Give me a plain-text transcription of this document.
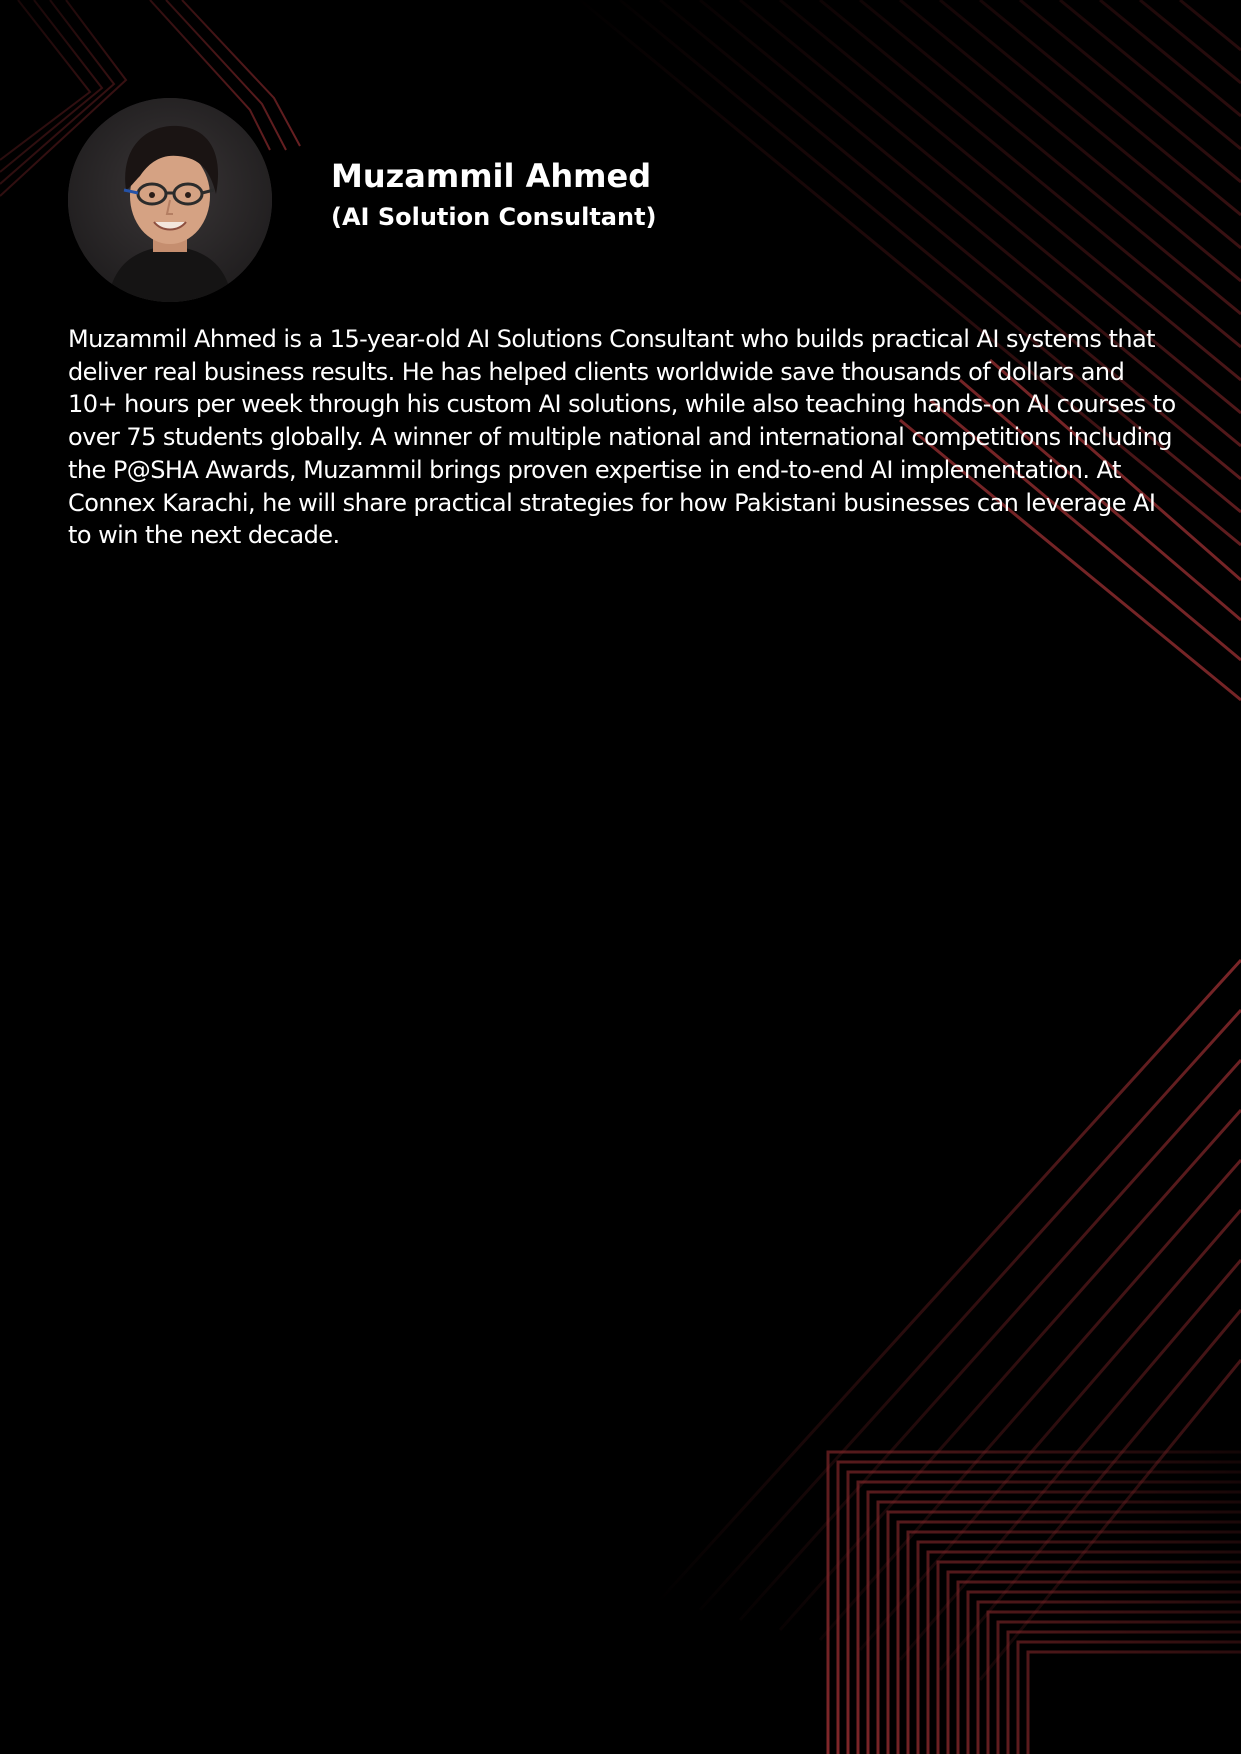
Muzammil Ahmed
(AI Solution Consultant)

Muzammil Ahmed is a 15-year-old AI Solutions Consultant who builds practical AI systems that deliver real business results. He has helped clients worldwide save thousands of dollars and 10+ hours per week through his custom AI solutions, while also teaching hands-on AI courses to over 75 students globally. A winner of multiple national and international competitions including the P@SHA Awards, Muzammil brings proven expertise in end-to-end AI implementation. At Connex Karachi, he will share practical strategies for how Pakistani businesses can leverage AI to win the next decade.
